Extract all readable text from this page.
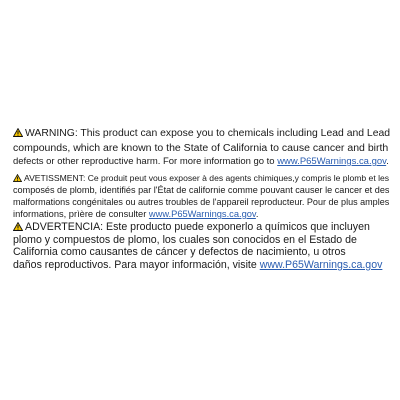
WARNING: This product can expose you to chemicals including Lead and Lead
compounds, which are known to the State of California to cause cancer and birth
defects or other reproductive harm. For more information go to www.P65Warnings.ca.gov.
AVETISSMENT: Ce produit peut vous exposer à des agents chimiques,y compris le plomb et les
composés de plomb, identifiés par l'État de californie comme pouvant causer le cancer et des
malformations congénitales ou autres troubles de l'appareil reproducteur. Pour de plus amples
informations, prìère de consulter www.P65Warnings.ca.gov.
ADVERTENCIA: Este producto puede exponerlo a químicos que incluyen
plomo y compuestos de plomo, los cuales son conocidos en el Estado de
California como causantes de cáncer y defectos de nacimiento, u otros
daños reproductivos. Para mayor información, visite www.P65Warnings.ca.gov
